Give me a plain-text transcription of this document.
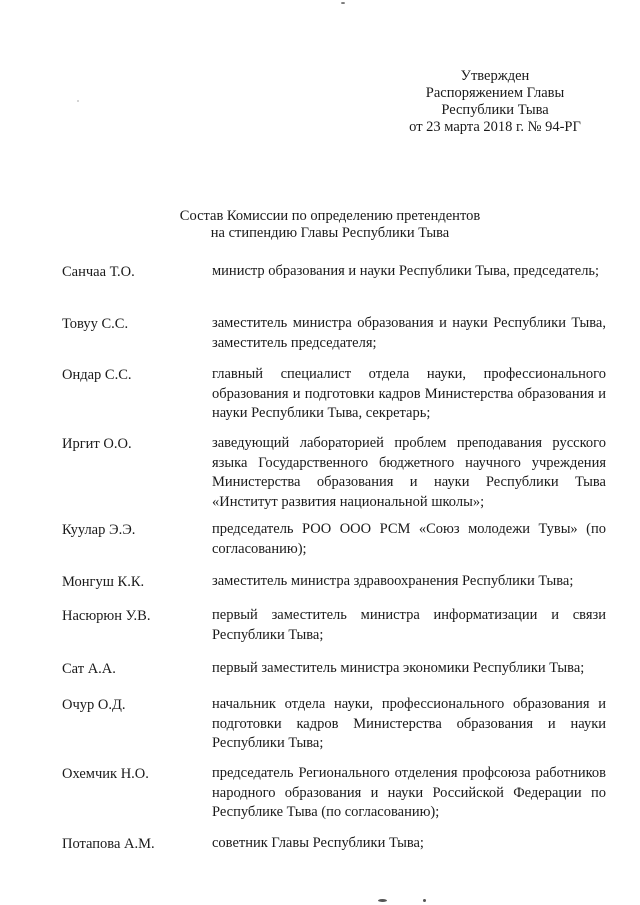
Утвержден
Распоряжением Главы
Республики Тыва
от 23 марта 2018 г. № 94-РГ
Состав Комиссии по определению претендентов
на стипендию Главы Республики Тыва
Санчаа Т.О.	министр образования и науки Республики Тыва, председатель;
Товуу С.С.	заместитель министра образования и науки Республики Тыва, заместитель председателя;
Ондар С.С.	главный специалист отдела науки, профессионального образования и подготовки кадров Министерства образования и науки Республики Тыва, секретарь;
Иргит О.О.	заведующий лабораторией проблем преподавания русского языка Государственного бюджетного научного учреждения Министерства образования и науки Республики Тыва «Институт развития национальной школы»;
Куулар Э.Э.	председатель РОО ООО РСМ «Союз молодежи Тувы» (по согласованию);
Монгуш К.К.	заместитель министра здравоохранения Республики Тыва;
Насюрюн У.В.	первый заместитель министра информатизации и связи Республики Тыва;
Сат А.А.	первый заместитель министра экономики Республики Тыва;
Очур О.Д.	начальник отдела науки, профессионального образования и подготовки кадров Министерства образования и науки Республики Тыва;
Охемчик Н.О.	председатель Регионального отделения профсоюза работников народного образования и науки Российской Федерации по Республике Тыва (по согласованию);
Потапова А.М.	советник Главы Республики Тыва;
